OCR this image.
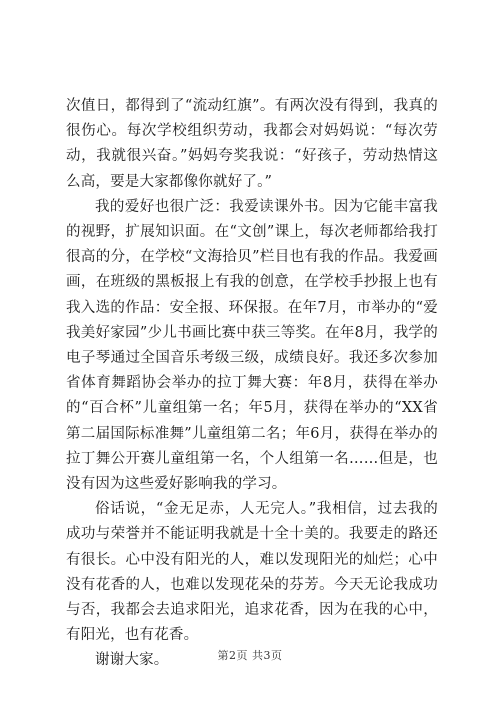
次值日，都得到了“流动红旗”。有两次没有得到，我真的很伤心。每次学校组织劳动，我都会对妈妈说：“每次劳动，我就很兴奋。”妈妈夸奖我说：“好孩子，劳动热情这么高，要是大家都像你就好了。”

我的爱好也很广泛：我爱读课外书。因为它能丰富我的视野，扩展知识面。在“文创”课上，每次老师都给我打很高的分，在学校“文海拾贝”栏目也有我的作品。我爱画画，在班级的黑板报上有我的创意，在学校手抄报上也有我入选的作品：安全报、环保报。在年7月，市举办的“爱我美好家园”少儿书画比赛中获三等奖。在年8月，我学的电子琴通过全国音乐考级三级，成绩良好。我还多次参加省体育舞蹈协会举办的拉丁舞大赛：年8月，获得在举办的“百合杯”儿童组第一名；年5月，获得在举办的“XX省第二届国际标准舞”儿童组第二名；年6月，获得在举办的拉丁舞公开赛儿童组第一名，个人组第一名……但是，也没有因为这些爱好影响我的学习。

俗话说，“金无足赤，人无完人。”我相信，过去我的成功与荣誉并不能证明我就是十全十美的。我要走的路还有很长。心中没有阳光的人，难以发现阳光的灿烂；心中没有花香的人，也难以发现花朵的芬芳。今天无论我成功与否，我都会去追求阳光，追求花香，因为在我的心中，有阳光，也有花香。

谢谢大家。	第2页 共3页
